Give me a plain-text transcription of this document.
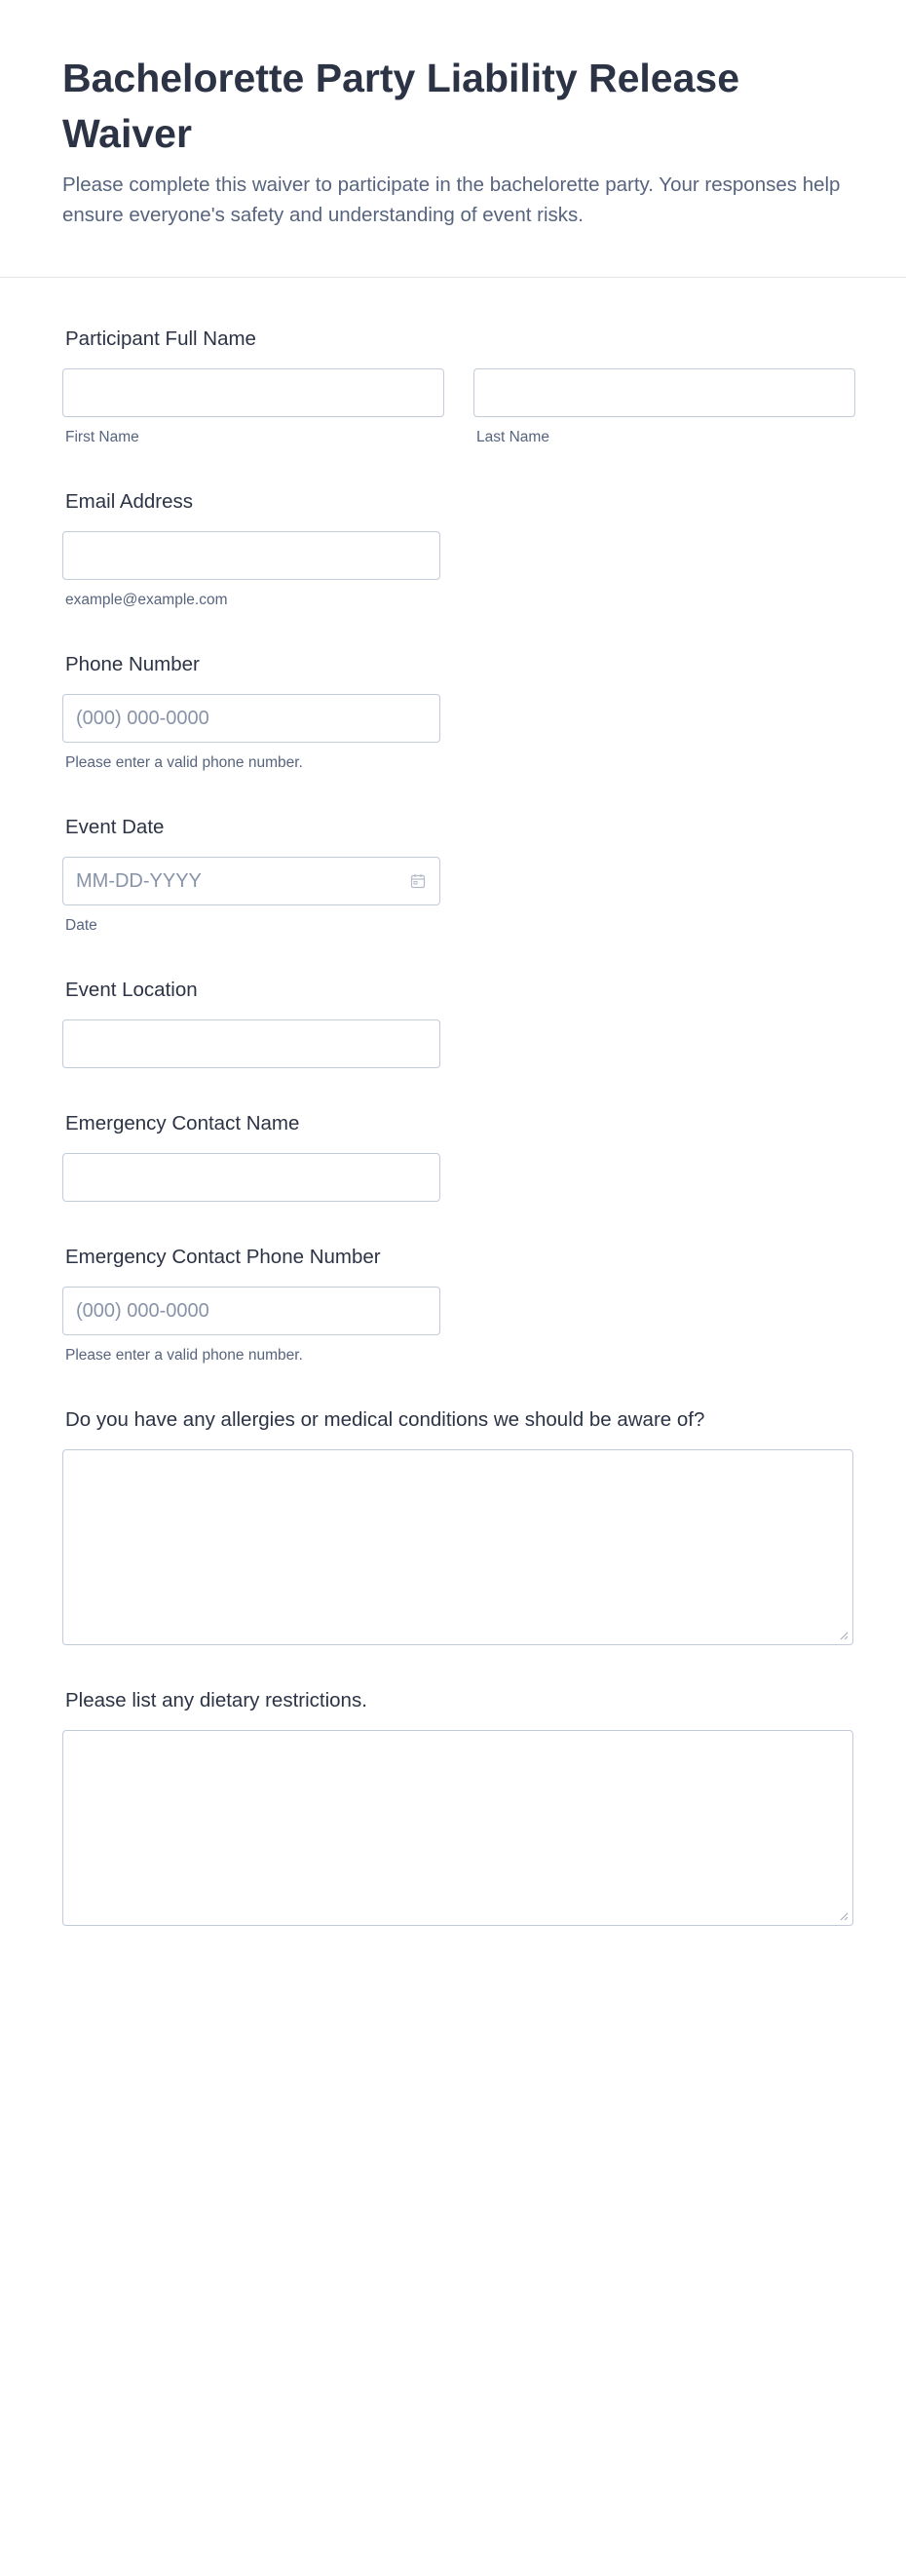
Bachelorette Party Liability Release Waiver

Please complete this waiver to participate in the bachelorette party. Your responses help ensure everyone's safety and understanding of event risks.

Participant Full Name
First Name	Last Name
Email Address
example@example.com
Phone Number
(000) 000-0000
Please enter a valid phone number.
Event Date
MM-DD-YYYY
Date
Event Location
Emergency Contact Name
Emergency Contact Phone Number
(000) 000-0000
Please enter a valid phone number.
Do you have any allergies or medical conditions we should be aware of?
Please list any dietary restrictions.
